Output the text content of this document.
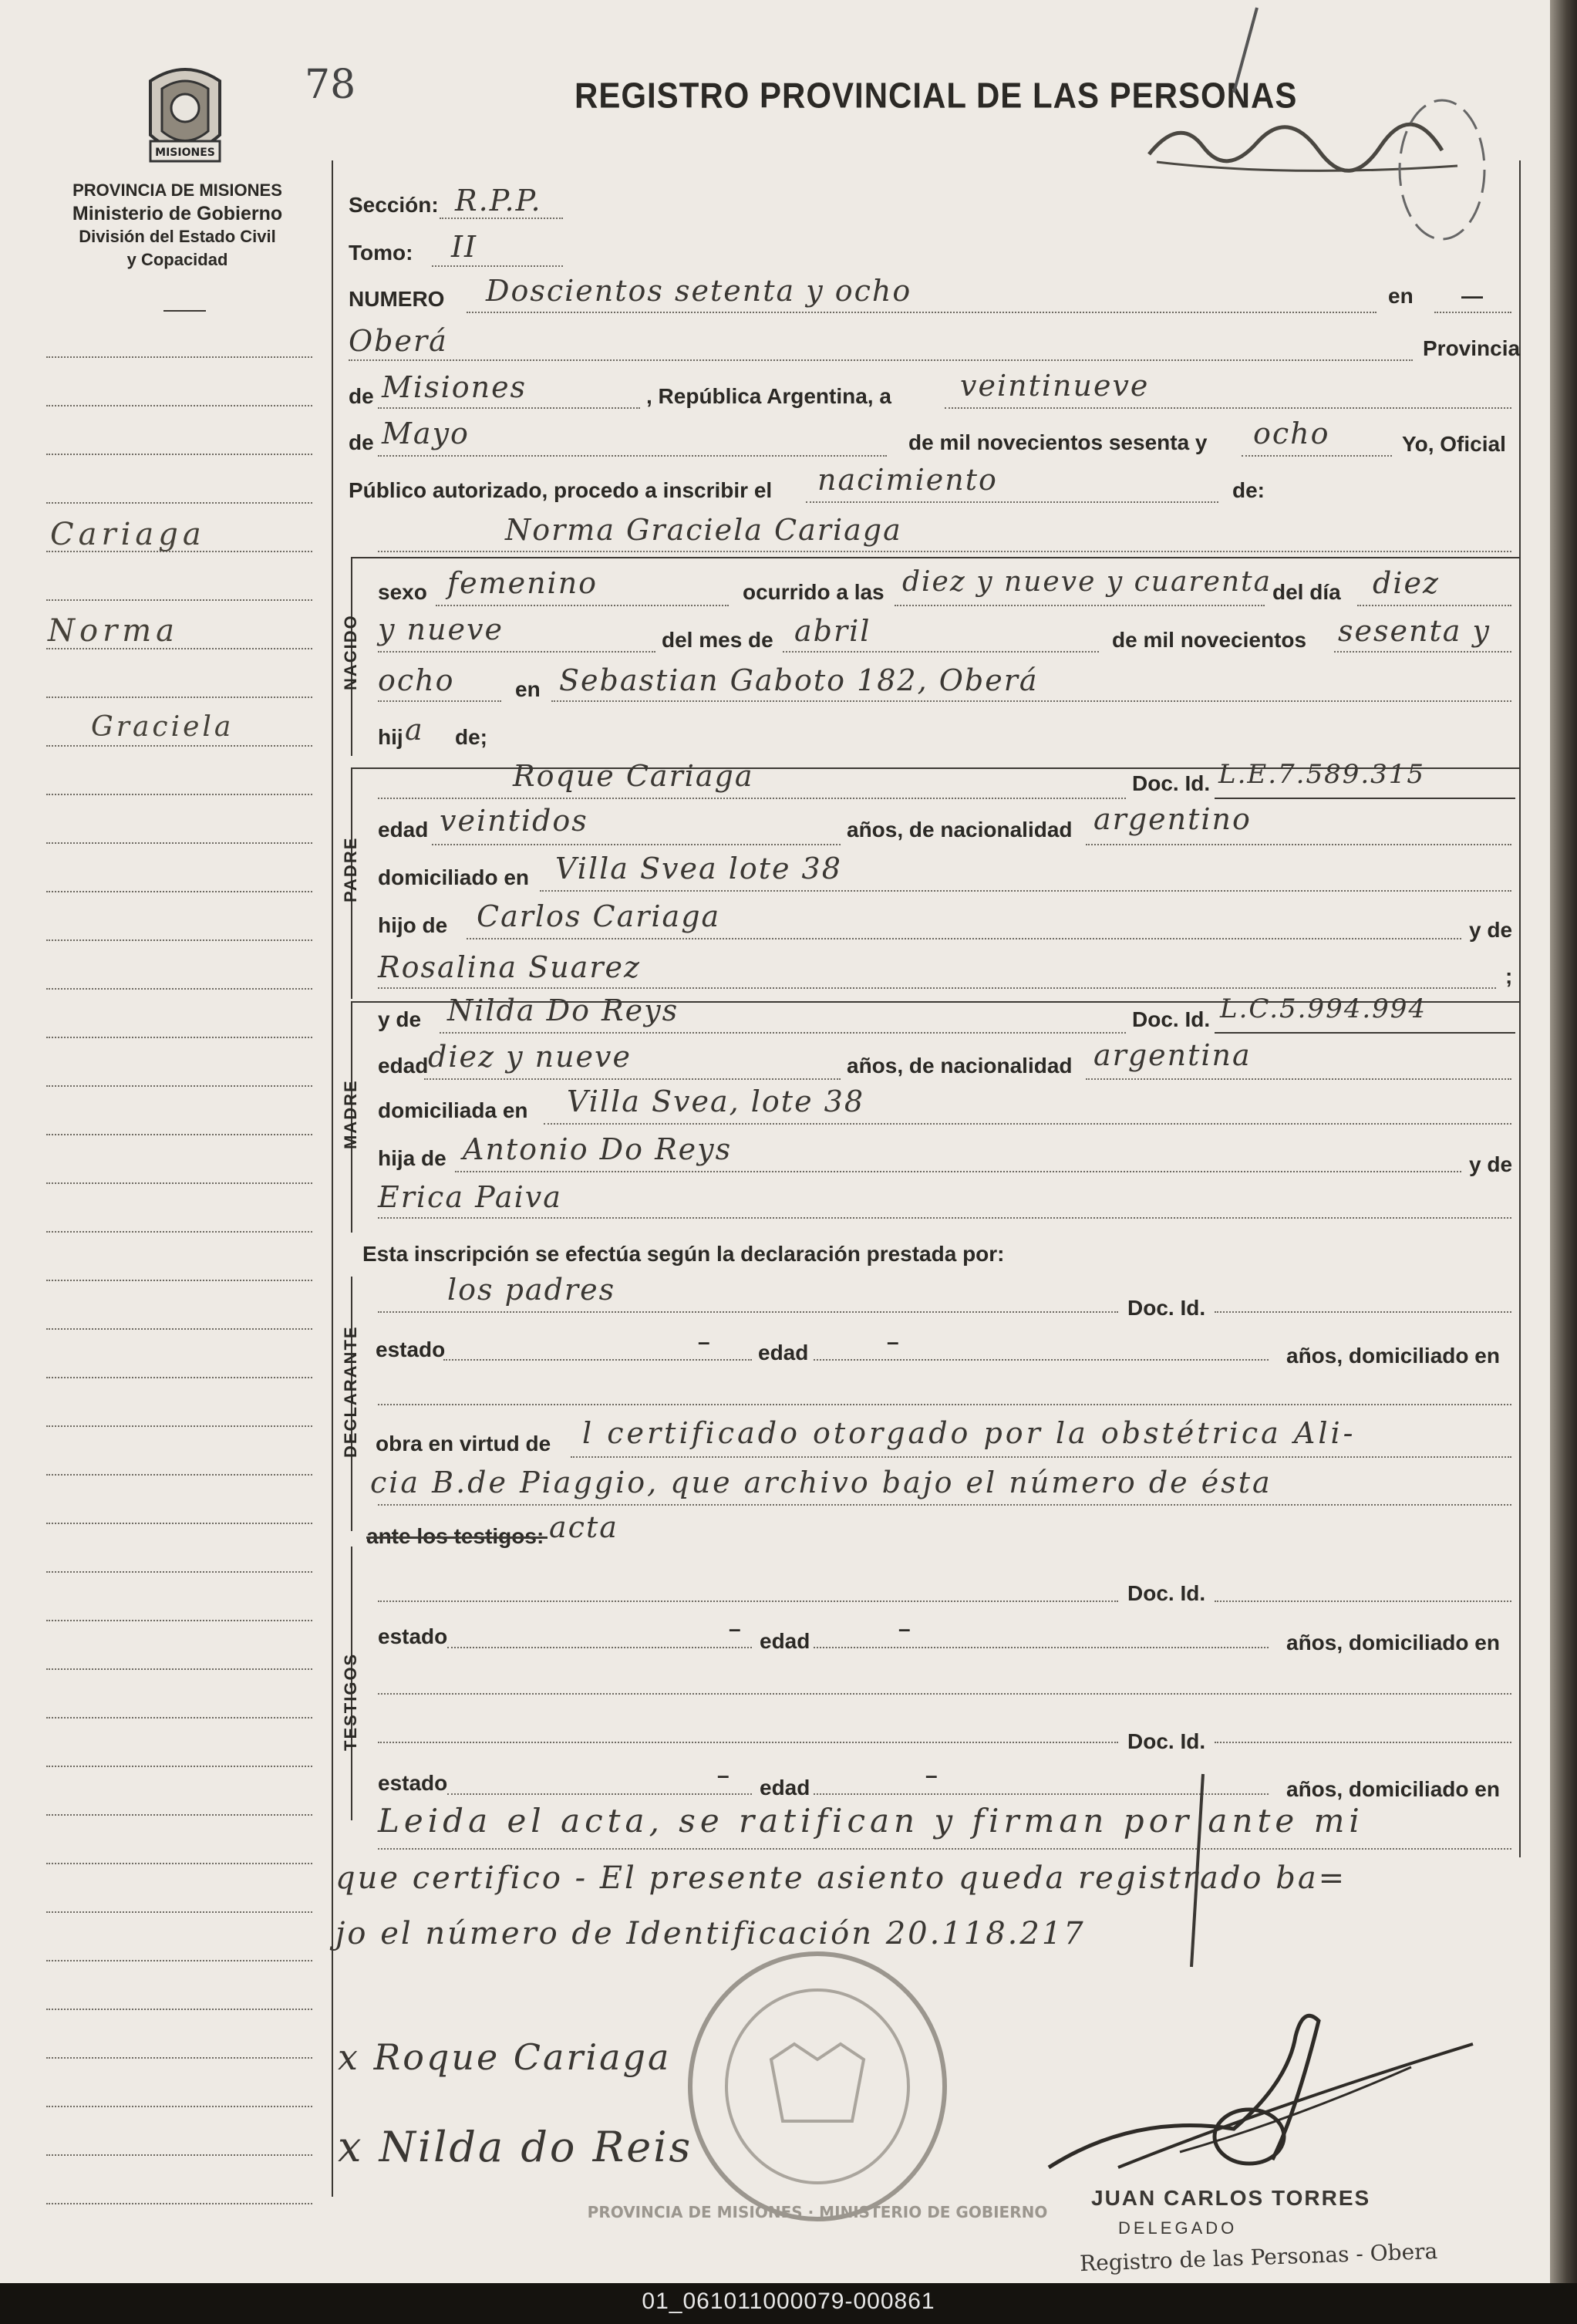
MISIONES
78	REGISTRO PROVINCIAL DE LAS PERSONAS
PROVINCIA DE MISIONES
Ministerio de Gobierno
División del Estado Civil
y Copacidad
Cariaga
Norma
Graciela
Sección: R.P.P.
Tomo: II
NUMERO Doscientos setenta y ocho	en —
Oberá	Provincia
de Misiones	, República Argentina, a veintinueve
de Mayo	de mil novecientos sesenta y ocho	Yo, Oficial
Público autorizado, procedo a inscribir el nacimiento	de:
NACIDO
Norma Graciela Cariaga
sexo femenino	ocurrido a las diez y nueve y cuarenta del día diez
y nueve	del mes de abril	de mil novecientos sesenta y
ocho	en Sebastian Gaboto 182, Oberá
hij a de;
PADRE
Roque Cariaga	Doc. Id. L.E.7.589.315
edad veintidos	años, de nacionalidad argentino
domiciliado en Villa Svea lote 38
hijo de Carlos Cariaga	y de
Rosalina Suarez	;
MADRE
y de Nilda Do Reys	Doc. Id. L.C.5.994.994
edad diez y nueve	años, de nacionalidad argentina
domiciliada en Villa Svea, lote 38
hija de Antonio Do Reys	y de
Erica Paiva
Esta inscripción se efectúa según la declaración prestada por:
DECLARANTE
los padres
Doc. Id.
estado	– edad	–
años, domiciliado en
obra en virtud de l certificado otorgado por la obstétrica Ali-
cia B.de Piaggio, que archivo bajo el número de ésta
ante los testigos: acta
TESTIGOS
Doc. Id.
estado	–
edad
–
años, domiciliado en
Doc. Id.
estado	–
edad
–
años, domiciliado en
Leida el acta, se ratifican y firman por ante mi
que certifico - El presente asiento queda registrado ba=
jo el número de Identificación 20.118.217
PROVINCIA DE MISIONES · MINISTERIO DE GOBIERNO
x Roque Cariaga
x Nilda do Reis
JUAN CARLOS TORRES
DELEGADO
Registro de las Personas - Obera
01_061011000079-000861
